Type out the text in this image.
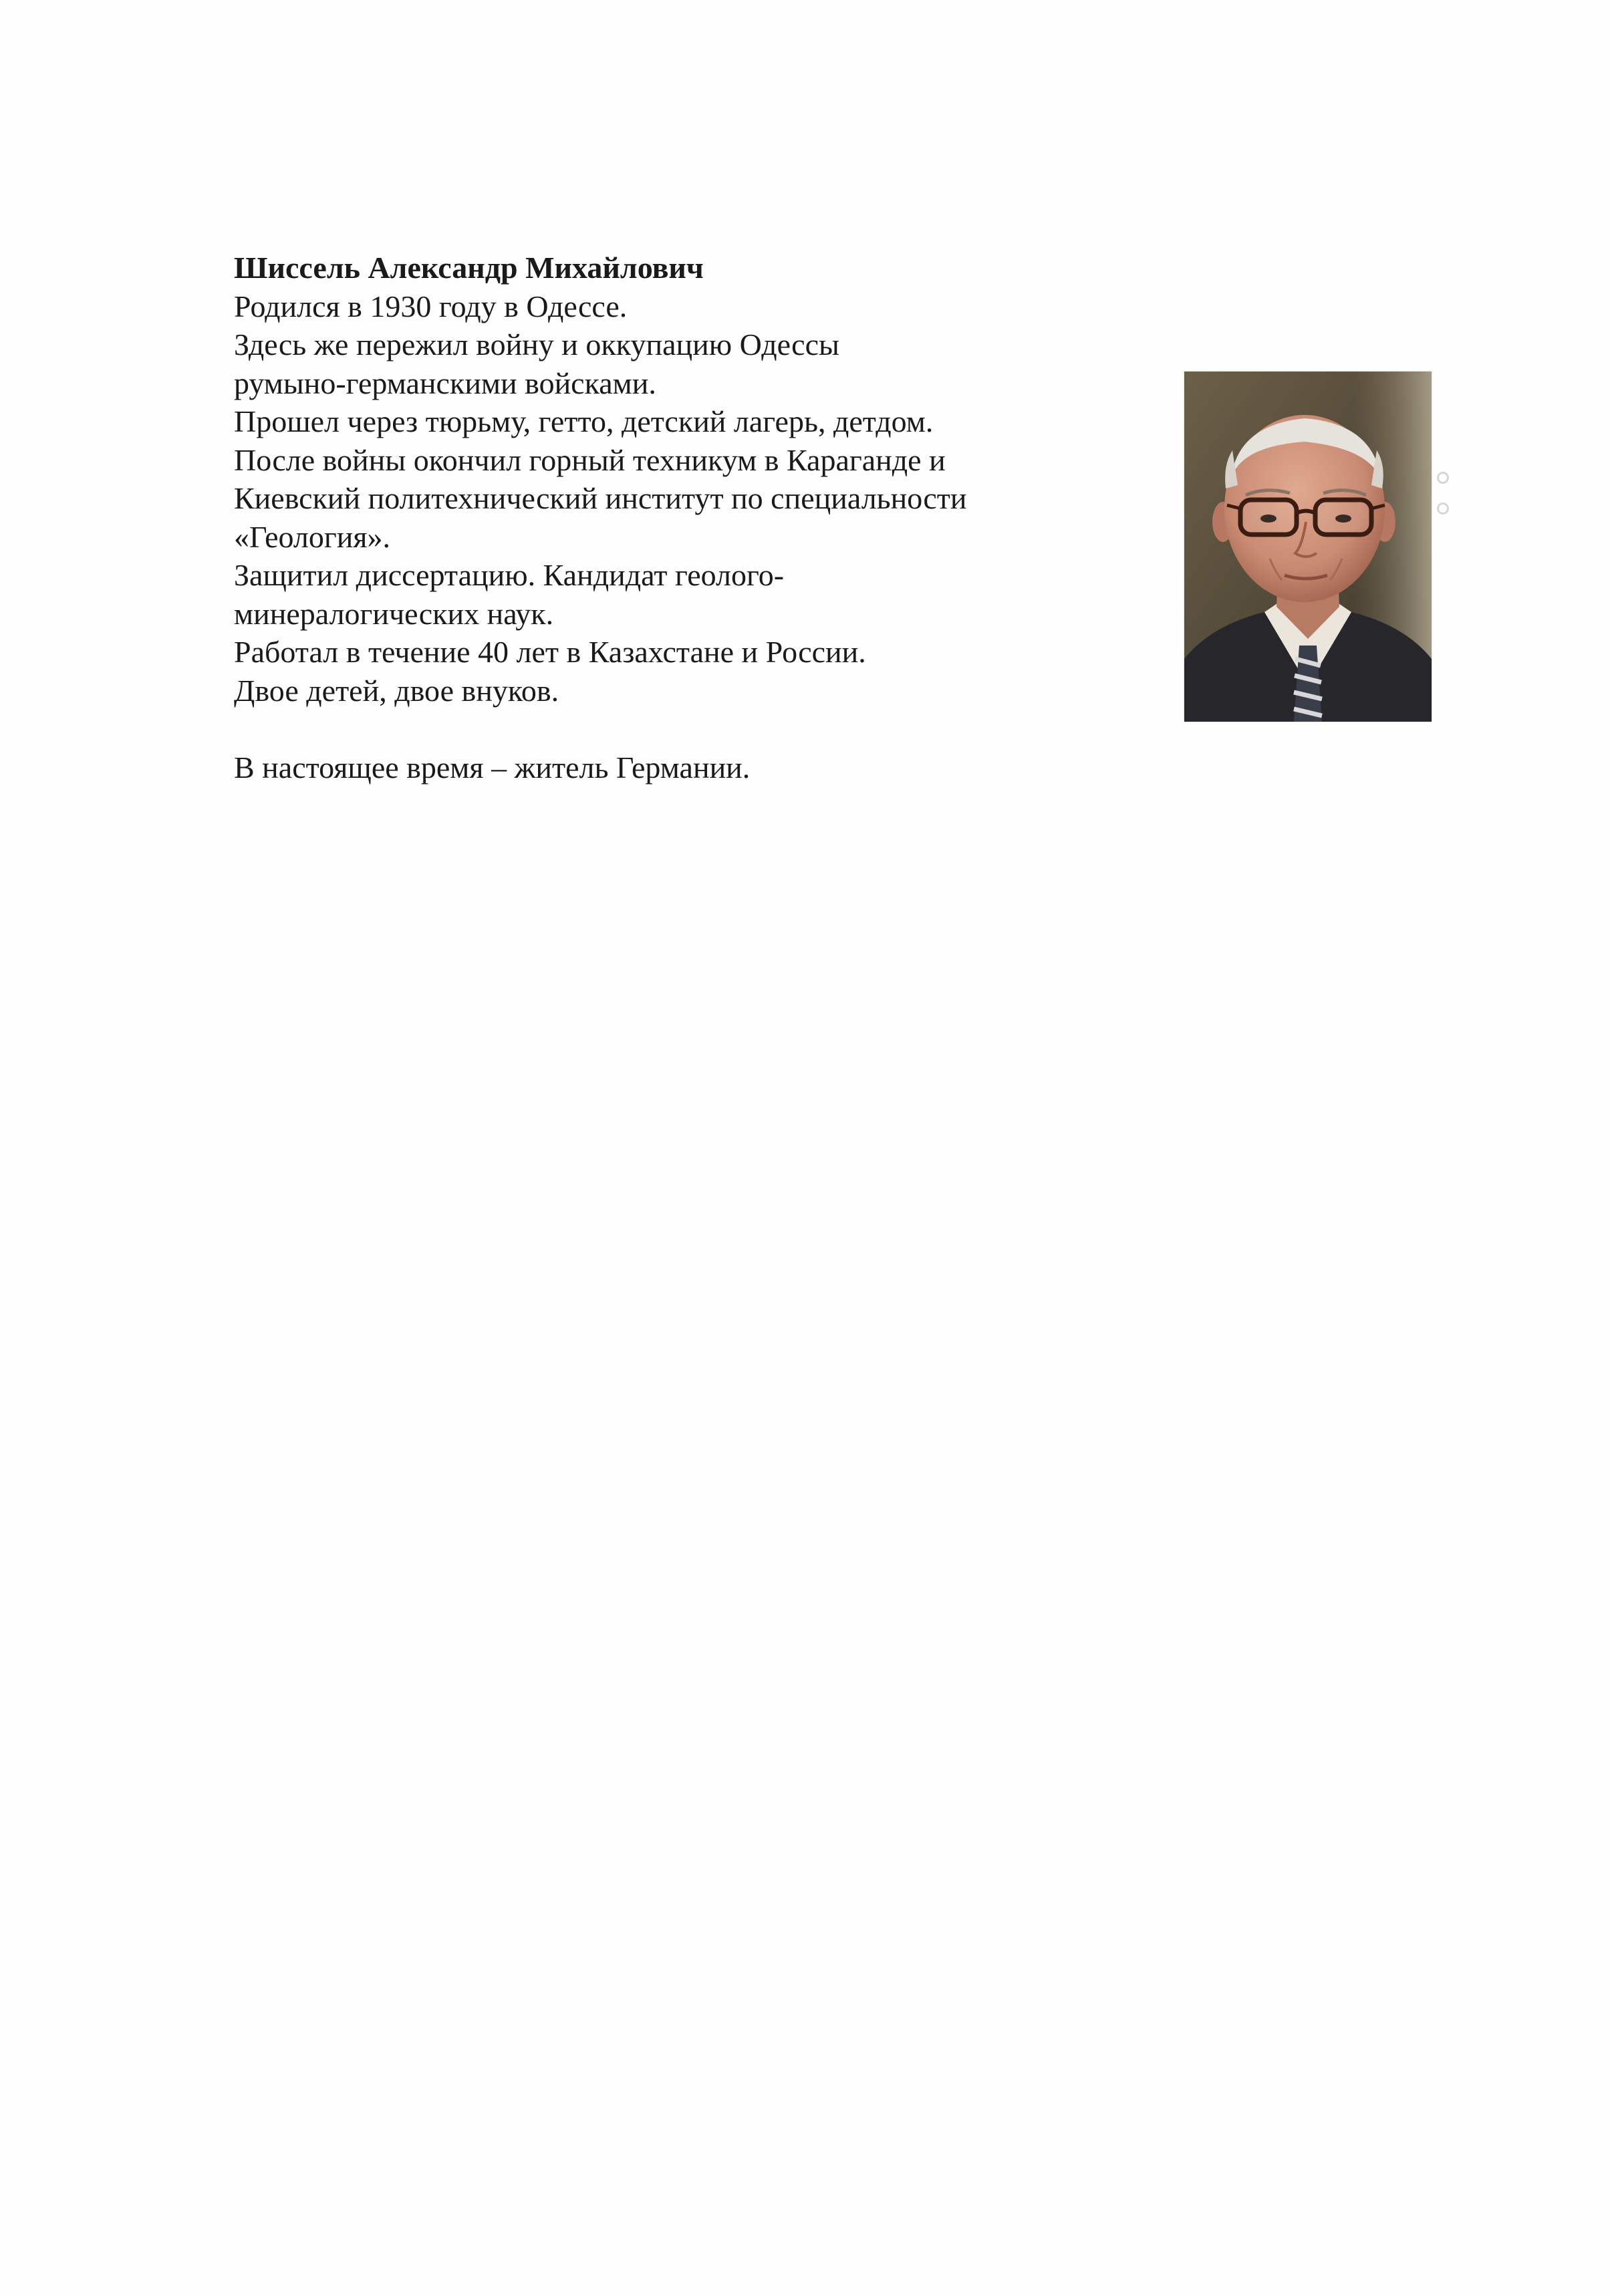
Шиссель Александр Михайлович
Родился в 1930 году в Одессе.
Здесь же пережил войну и оккупацию Одессы
румыно-германскими войсками.
Прошел через тюрьму, гетто, детский лагерь, детдом.
После войны окончил горный техникум в Караганде и
Киевский политехнический институт по специальности
«Геология».
Защитил диссертацию. Кандидат геолого-
минералогических наук.
Работал в течение 40 лет в Казахстане и России.
Двое детей, двое внуков.
В настоящее время – житель Германии.
